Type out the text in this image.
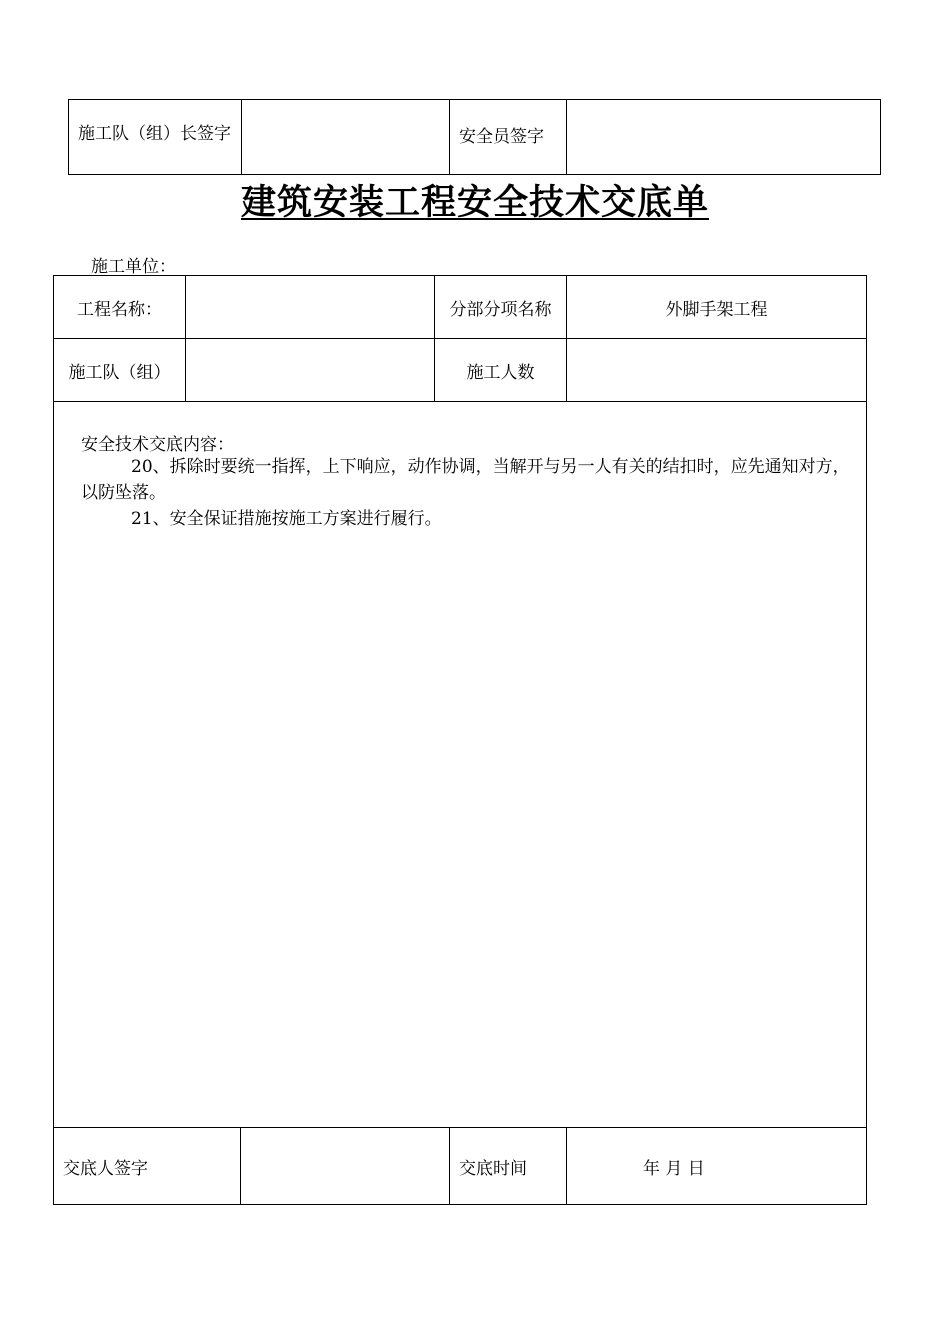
施工队（组）长签字	安全员签字
建筑安装工程安全技术交底单
施工单位：
工程名称：	分部分项名称	外脚手架工程
施工队（组）	施工人数
安全技术交底内容：
20、拆除时要统一指挥，上下响应，动作协调，当解开与另一人有关的结扣时，应先通知对方，以防坠落。
21、安全保证措施按施工方案进行履行。
交底人签字	交底时间	年 月 日
